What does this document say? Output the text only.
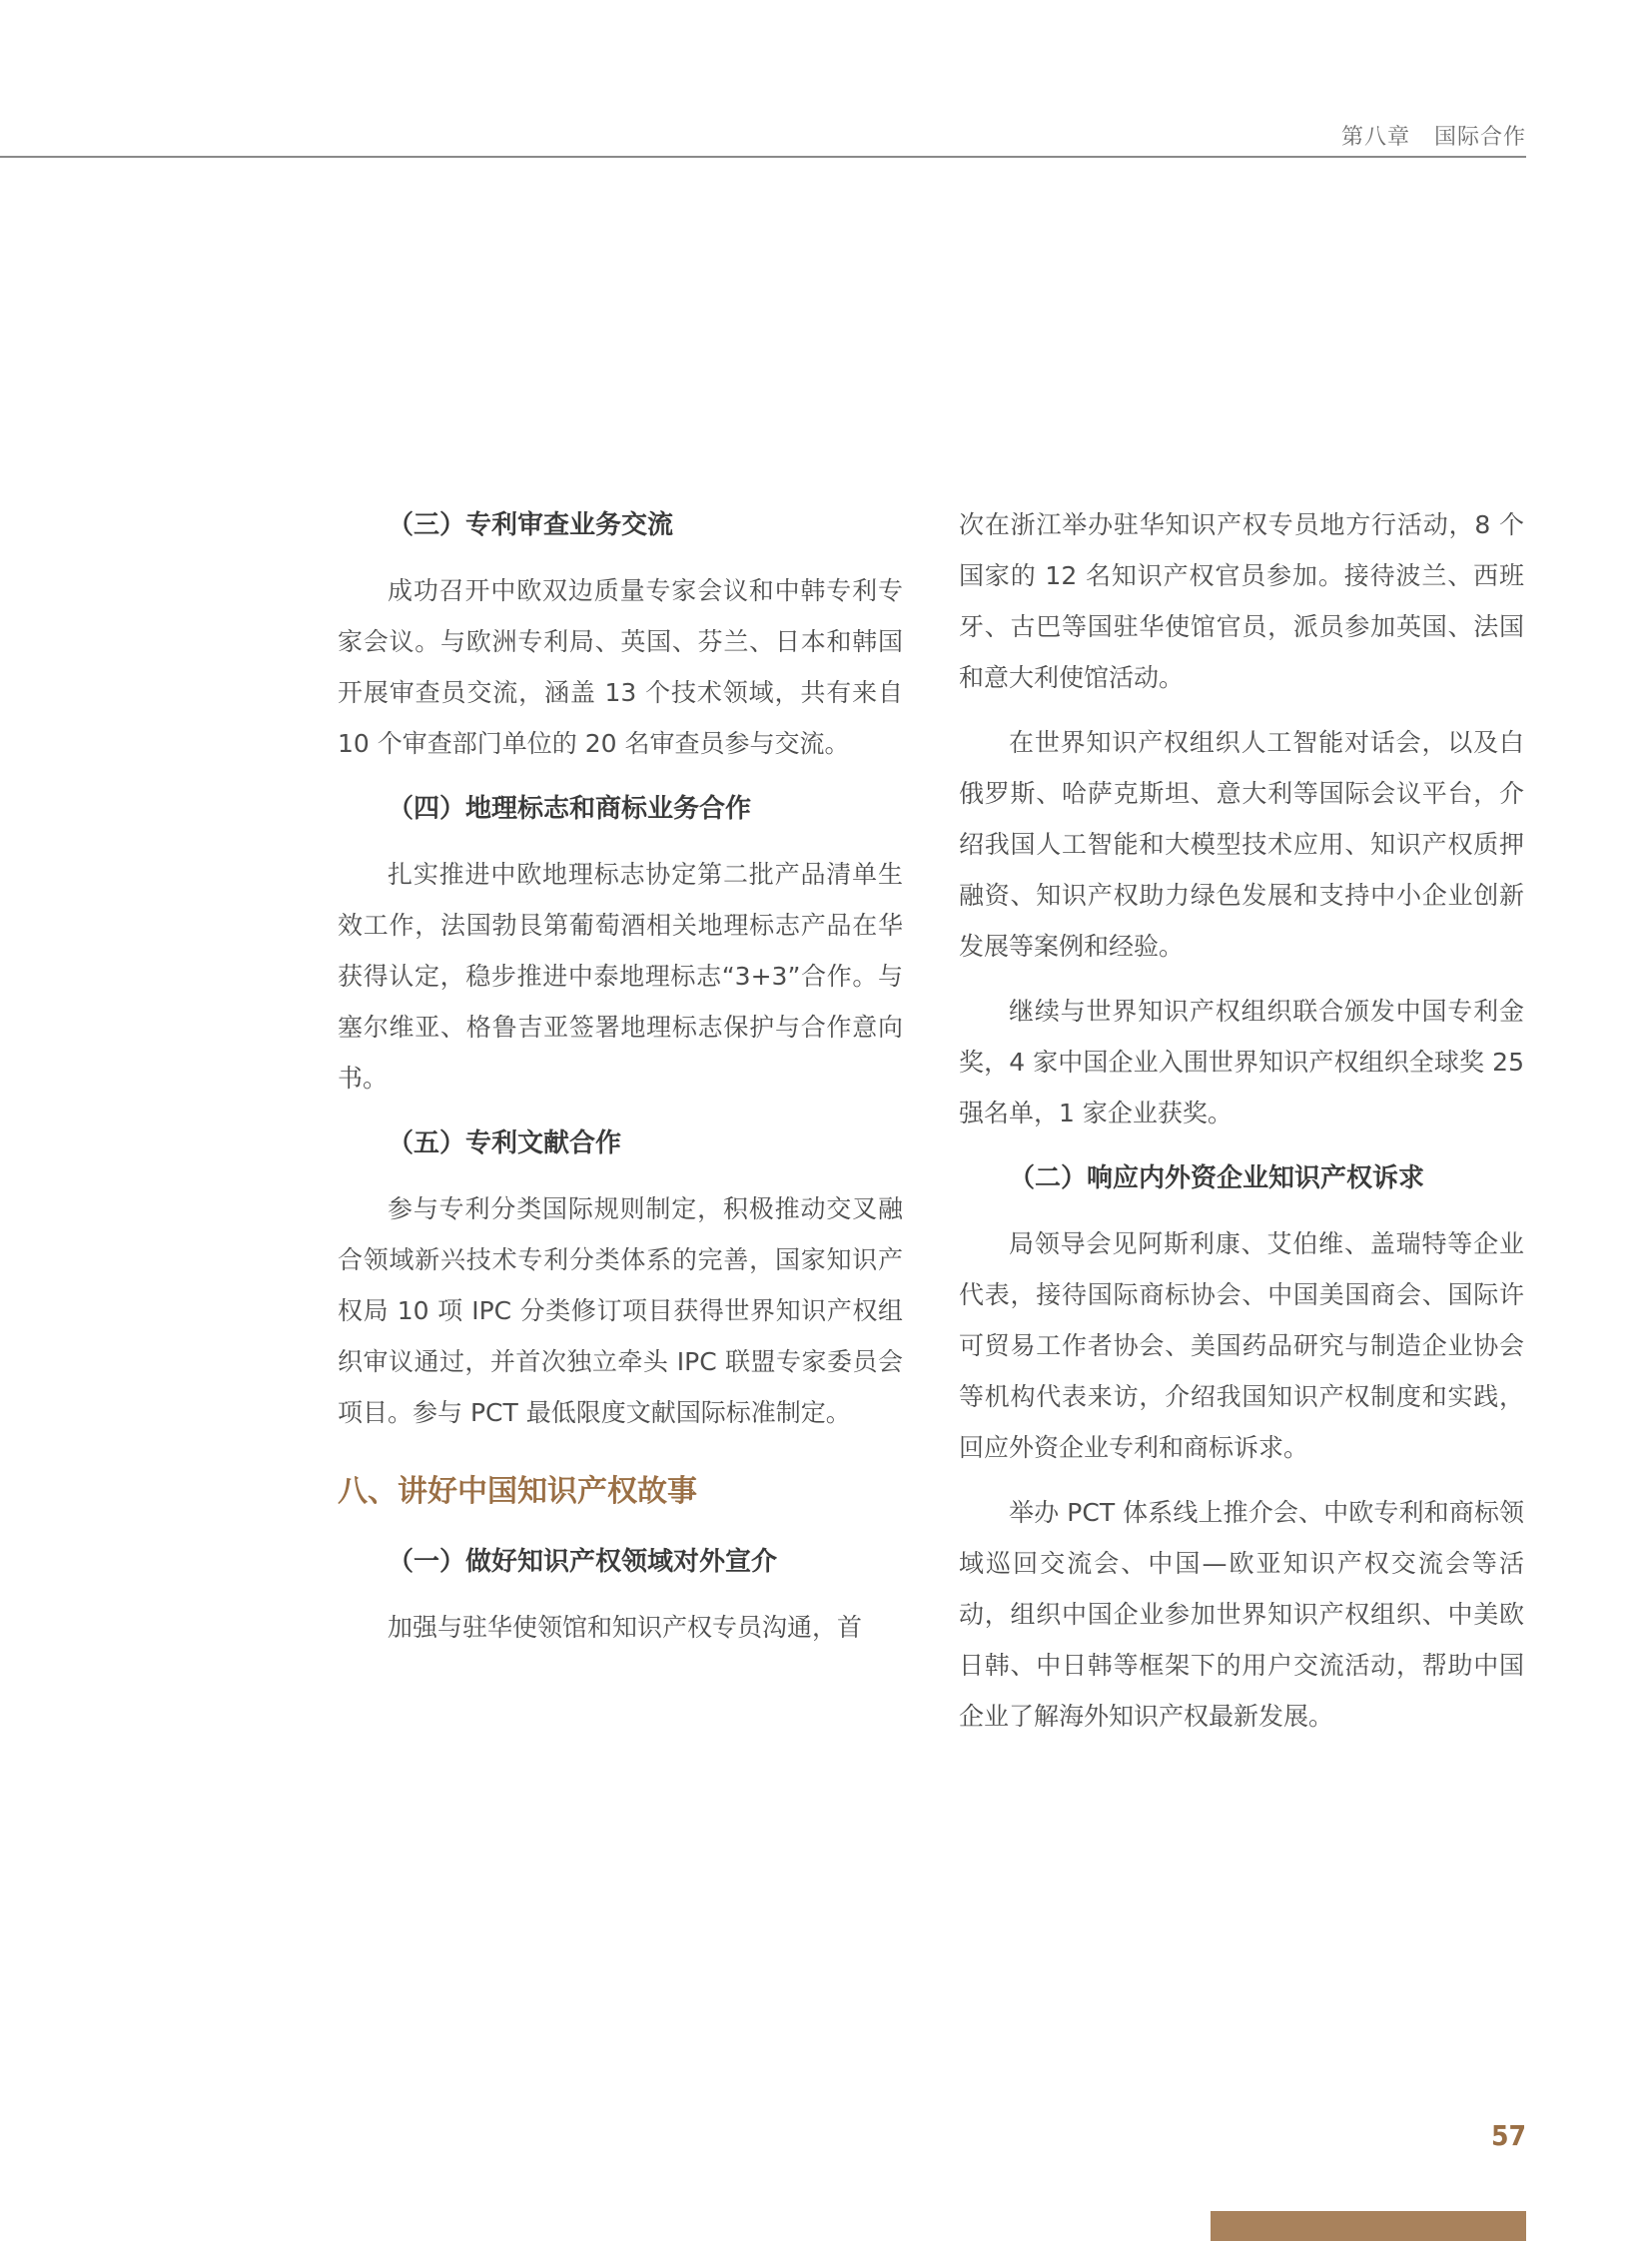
第八章 国际合作
（三）专利审查业务交流

成功召开中欧双边质量专家会议和中韩专利专家会议。与欧洲专利局、英国、芬兰、日本和韩国开展审查员交流，涵盖 13 个技术领域，共有来自 10 个审查部门单位的 20 名审查员参与交流。

（四）地理标志和商标业务合作

扎实推进中欧地理标志协定第二批产品清单生效工作，法国勃艮第葡萄酒相关地理标志产品在华获得认定，稳步推进中泰地理标志“3+3”合作。与塞尔维亚、格鲁吉亚签署地理标志保护与合作意向书。

（五）专利文献合作

参与专利分类国际规则制定，积极推动交叉融合领域新兴技术专利分类体系的完善，国家知识产权局 10 项 IPC 分类修订项目获得世界知识产权组织审议通过，并首次独立牵头 IPC 联盟专家委员会项目。参与 PCT 最低限度文献国际标准制定。

八、讲好中国知识产权故事
（一）做好知识产权领域对外宣介

加强与驻华使领馆和知识产权专员沟通，首

次在浙江举办驻华知识产权专员地方行活动，8 个国家的 12 名知识产权官员参加。接待波兰、西班牙、古巴等国驻华使馆官员，派员参加英国、法国和意大利使馆活动。

在世界知识产权组织人工智能对话会，以及白俄罗斯、哈萨克斯坦、意大利等国际会议平台，介绍我国人工智能和大模型技术应用、知识产权质押融资、知识产权助力绿色发展和支持中小企业创新发展等案例和经验。

继续与世界知识产权组织联合颁发中国专利金奖，4 家中国企业入围世界知识产权组织全球奖 25 强名单，1 家企业获奖。

（二）响应内外资企业知识产权诉求

局领导会见阿斯利康、艾伯维、盖瑞特等企业代表，接待国际商标协会、中国美国商会、国际许可贸易工作者协会、美国药品研究与制造企业协会等机构代表来访，介绍我国知识产权制度和实践，回应外资企业专利和商标诉求。

举办 PCT 体系线上推介会、中欧专利和商标领域巡回交流会、中国—欧亚知识产权交流会等活动，组织中国企业参加世界知识产权组织、中美欧日韩、中日韩等框架下的用户交流活动，帮助中国企业了解海外知识产权最新发展。

57
